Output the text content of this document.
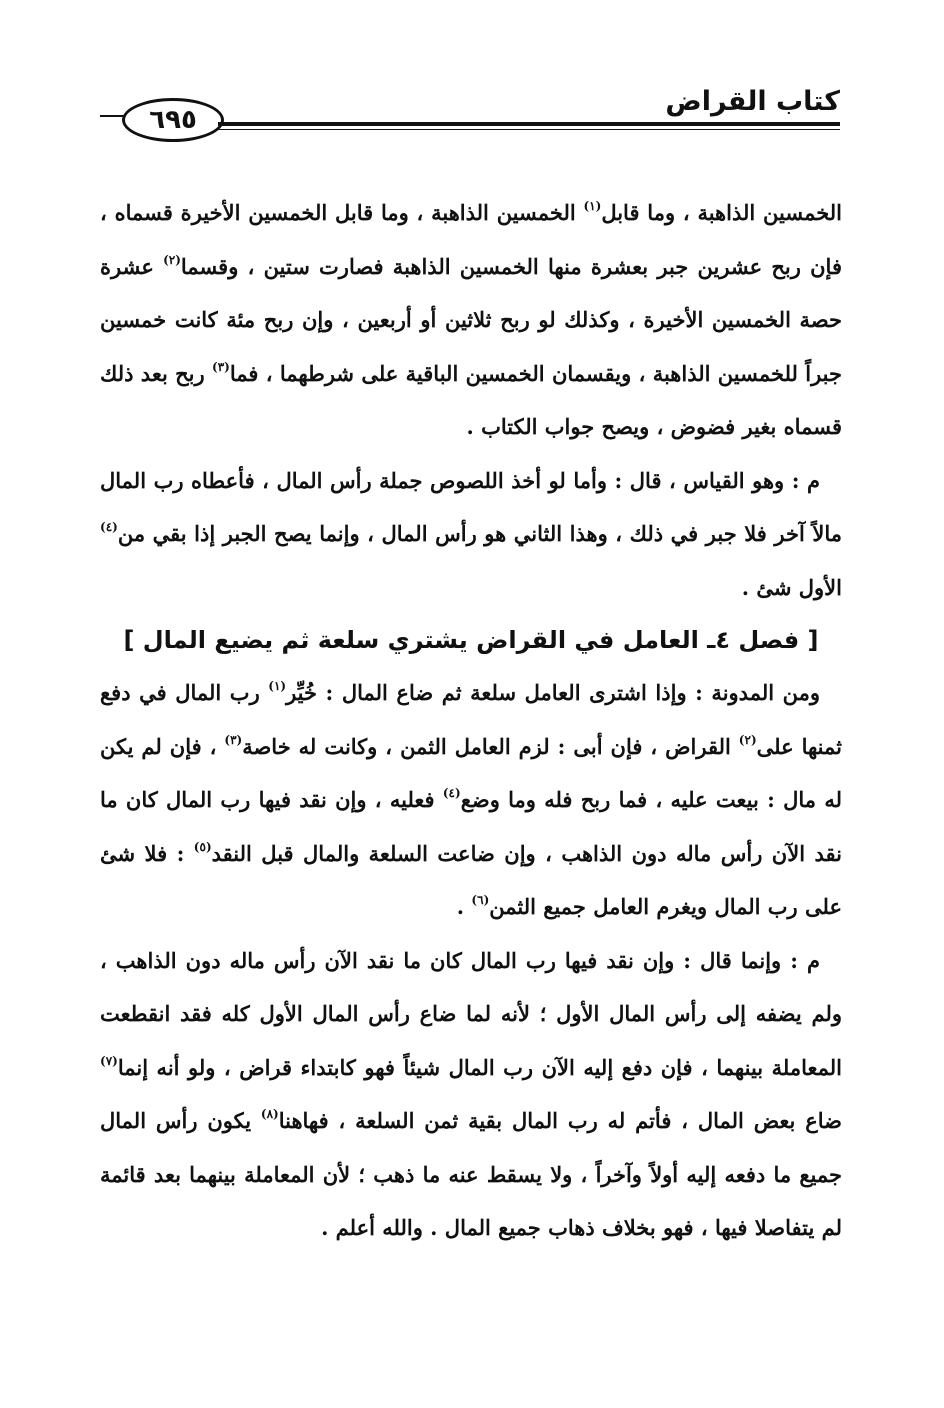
٦٩٥
كتاب القراض

الخمسين الذاهبة ، وما قابل$^{(١)}$ الخمسين الذاهبة ، وما قابل الخمسين الأخيرة قسماه ، فإن ربح عشرين جبر بعشرة منها الخمسين الذاهبة فصارت ستين ، وقسما$^{(٢)}$ عشرة حصة الخمسين الأخيرة ، وكذلك لو ربح ثلاثين أو أربعين ، وإن ربح مئة كانت خمسين جبراً للخمسين الذاهبة ، ويقسمان الخمسين الباقية على شرطهما ، فما$^{(٣)}$ ربح بعد ذلك قسماه بغير فضوض ، ويصح جواب الكتاب .

م : وهو القياس ، قال : وأما لو أخذ اللصوص جملة رأس المال ، فأعطاه رب المال مالاً آخر فلا جبر في ذلك ، وهذا الثاني هو رأس المال ، وإنما يصح الجبر إذا بقي من$^{(٤)}$ الأول شئ .

[ فصل ٤ـ العامل في القراض يشتري سلعة ثم يضيع المال ]

ومن المدونة : وإذا اشترى العامل سلعة ثم ضاع المال : خُيِّر$^{(١)}$ رب المال في دفع ثمنها على$^{(٢)}$ القراض ، فإن أبى : لزم العامل الثمن ، وكانت له خاصة$^{(٣)}$ ، فإن لم يكن له مال : بيعت عليه ، فما ربح فله وما وضع$^{(٤)}$ فعليه ، وإن نقد فيها رب المال كان ما نقد الآن رأس ماله دون الذاهب ، وإن ضاعت السلعة والمال قبل النقد$^{(٥)}$ : فلا شئ على رب المال ويغرم العامل جميع الثمن$^{(٦)}$ .

م : وإنما قال : وإن نقد فيها رب المال كان ما نقد الآن رأس ماله دون الذاهب ، ولم يضفه إلى رأس المال الأول ؛ لأنه لما ضاع رأس المال الأول كله فقد انقطعت المعاملة بينهما ، فإن دفع إليه الآن رب المال شيئاً فهو كابتداء قراض ، ولو أنه إنما$^{(٧)}$ ضاع بعض المال ، فأتم له رب المال بقية ثمن السلعة ، فهاهنا$^{(٨)}$ يكون رأس المال جميع ما دفعه إليه أولاً وآخراً ، ولا يسقط عنه ما ذهب ؛ لأن المعاملة بينهما بعد قائمة لم يتفاصلا فيها ، فهو بخلاف ذهاب جميع المال . والله أعلم .
